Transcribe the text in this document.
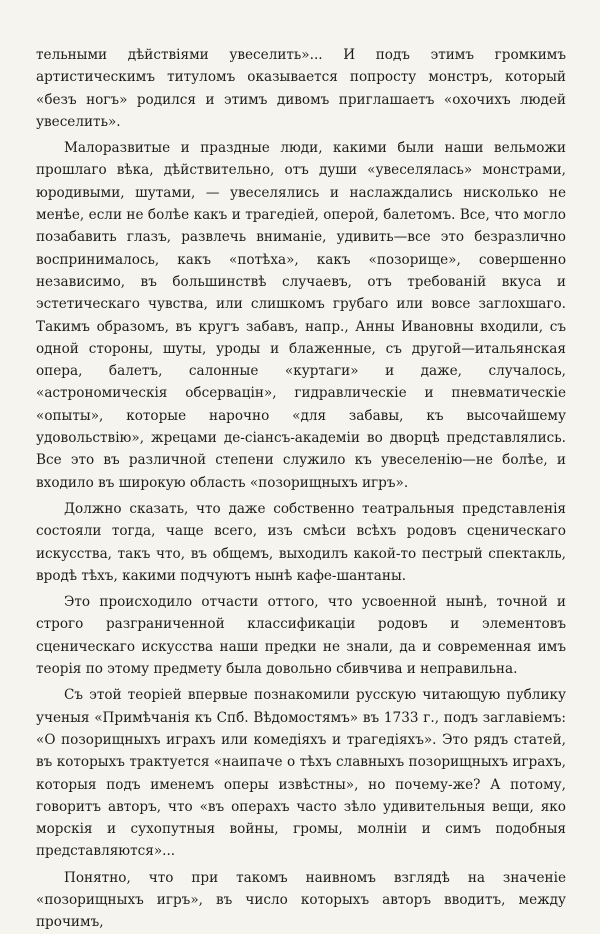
тельными дѣйствіями увеселить»... И подъ этимъ громкимъ артистическимъ титуломъ оказывается попросту монстръ, который «безъ ногъ» родился и этимъ дивомъ приглашаетъ «охочихъ людей увеселить».

Малоразвитые и праздные люди, какими были наши вельможи прошлаго вѣка, дѣйствительно, отъ души «увеселялась» монстрами, юродивыми, шутами, — увеселялись и наслаждались нисколько не менѣе, если не болѣе какъ и трагедіей, оперой, балетомъ. Все, что могло позабавить глазъ, развлечь вниманіе, удивить—все это безразлично воспринималось, какъ «потѣха», какъ «позорище», совершенно независимо, въ большинствѣ случаевъ, отъ требованій вкуса и эстетическаго чувства, или слишкомъ грубаго или вовсе заглохшаго. Такимъ образомъ, въ кругъ забавъ, напр., Анны Ивановны входили, съ одной стороны, шуты, уроды и блаженные, съ другой—итальянская опера, балетъ, салонные «куртаги» и даже, случалось, «астрономическія обсервацін», гидравлическіе и пневматическіе «опыты», которые нарочно «для забавы, къ высочайшему удовольствію», жрецами де-сіансъ-академіи во дворцѣ представлялись. Все это въ различной степени служило къ увеселенію—не болѣе, и входило въ широкую область «позорищныхъ игръ».

Должно сказать, что даже собственно театральныя представленія состояли тогда, чаще всего, изъ смѣси всѣхъ родовъ сценическаго искусства, такъ что, въ общемъ, выходилъ какой-то пестрый спектакль, вродѣ тѣхъ, какими подчуютъ нынѣ кафе-шантаны.

Это происходило отчасти оттого, что усвоенной нынѣ, точной и строго разграниченной классификаціи родовъ и элементовъ сценическаго искусства наши предки не знали, да и современная имъ теорія по этому предмету была довольно сбивчива и неправильна.

Съ этой теоріей впервые познакомили русскую читающую публику ученыя «Примѣчанія къ Спб. Вѣдомостямъ» въ 1733 г., подъ заглавіемъ: «О позорищныхъ играхъ или комедіяхъ и трагедіяхъ». Это рядъ статей, въ которыхъ трактуется «наипаче о тѣхъ славныхъ позорищныхъ играхъ, которыя подъ именемъ оперы извѣстны», но почему-же? А потому, говоритъ авторъ, что «въ операхъ часто зѣло удивительныя вещи, яко морскія и сухопутныя войны, громы, молніи и симъ подобныя представляются»...

Понятно, что при такомъ наивномъ взглядѣ на значеніе «позорищныхъ игръ», въ число которыхъ авторъ вводитъ, между прочимъ,
